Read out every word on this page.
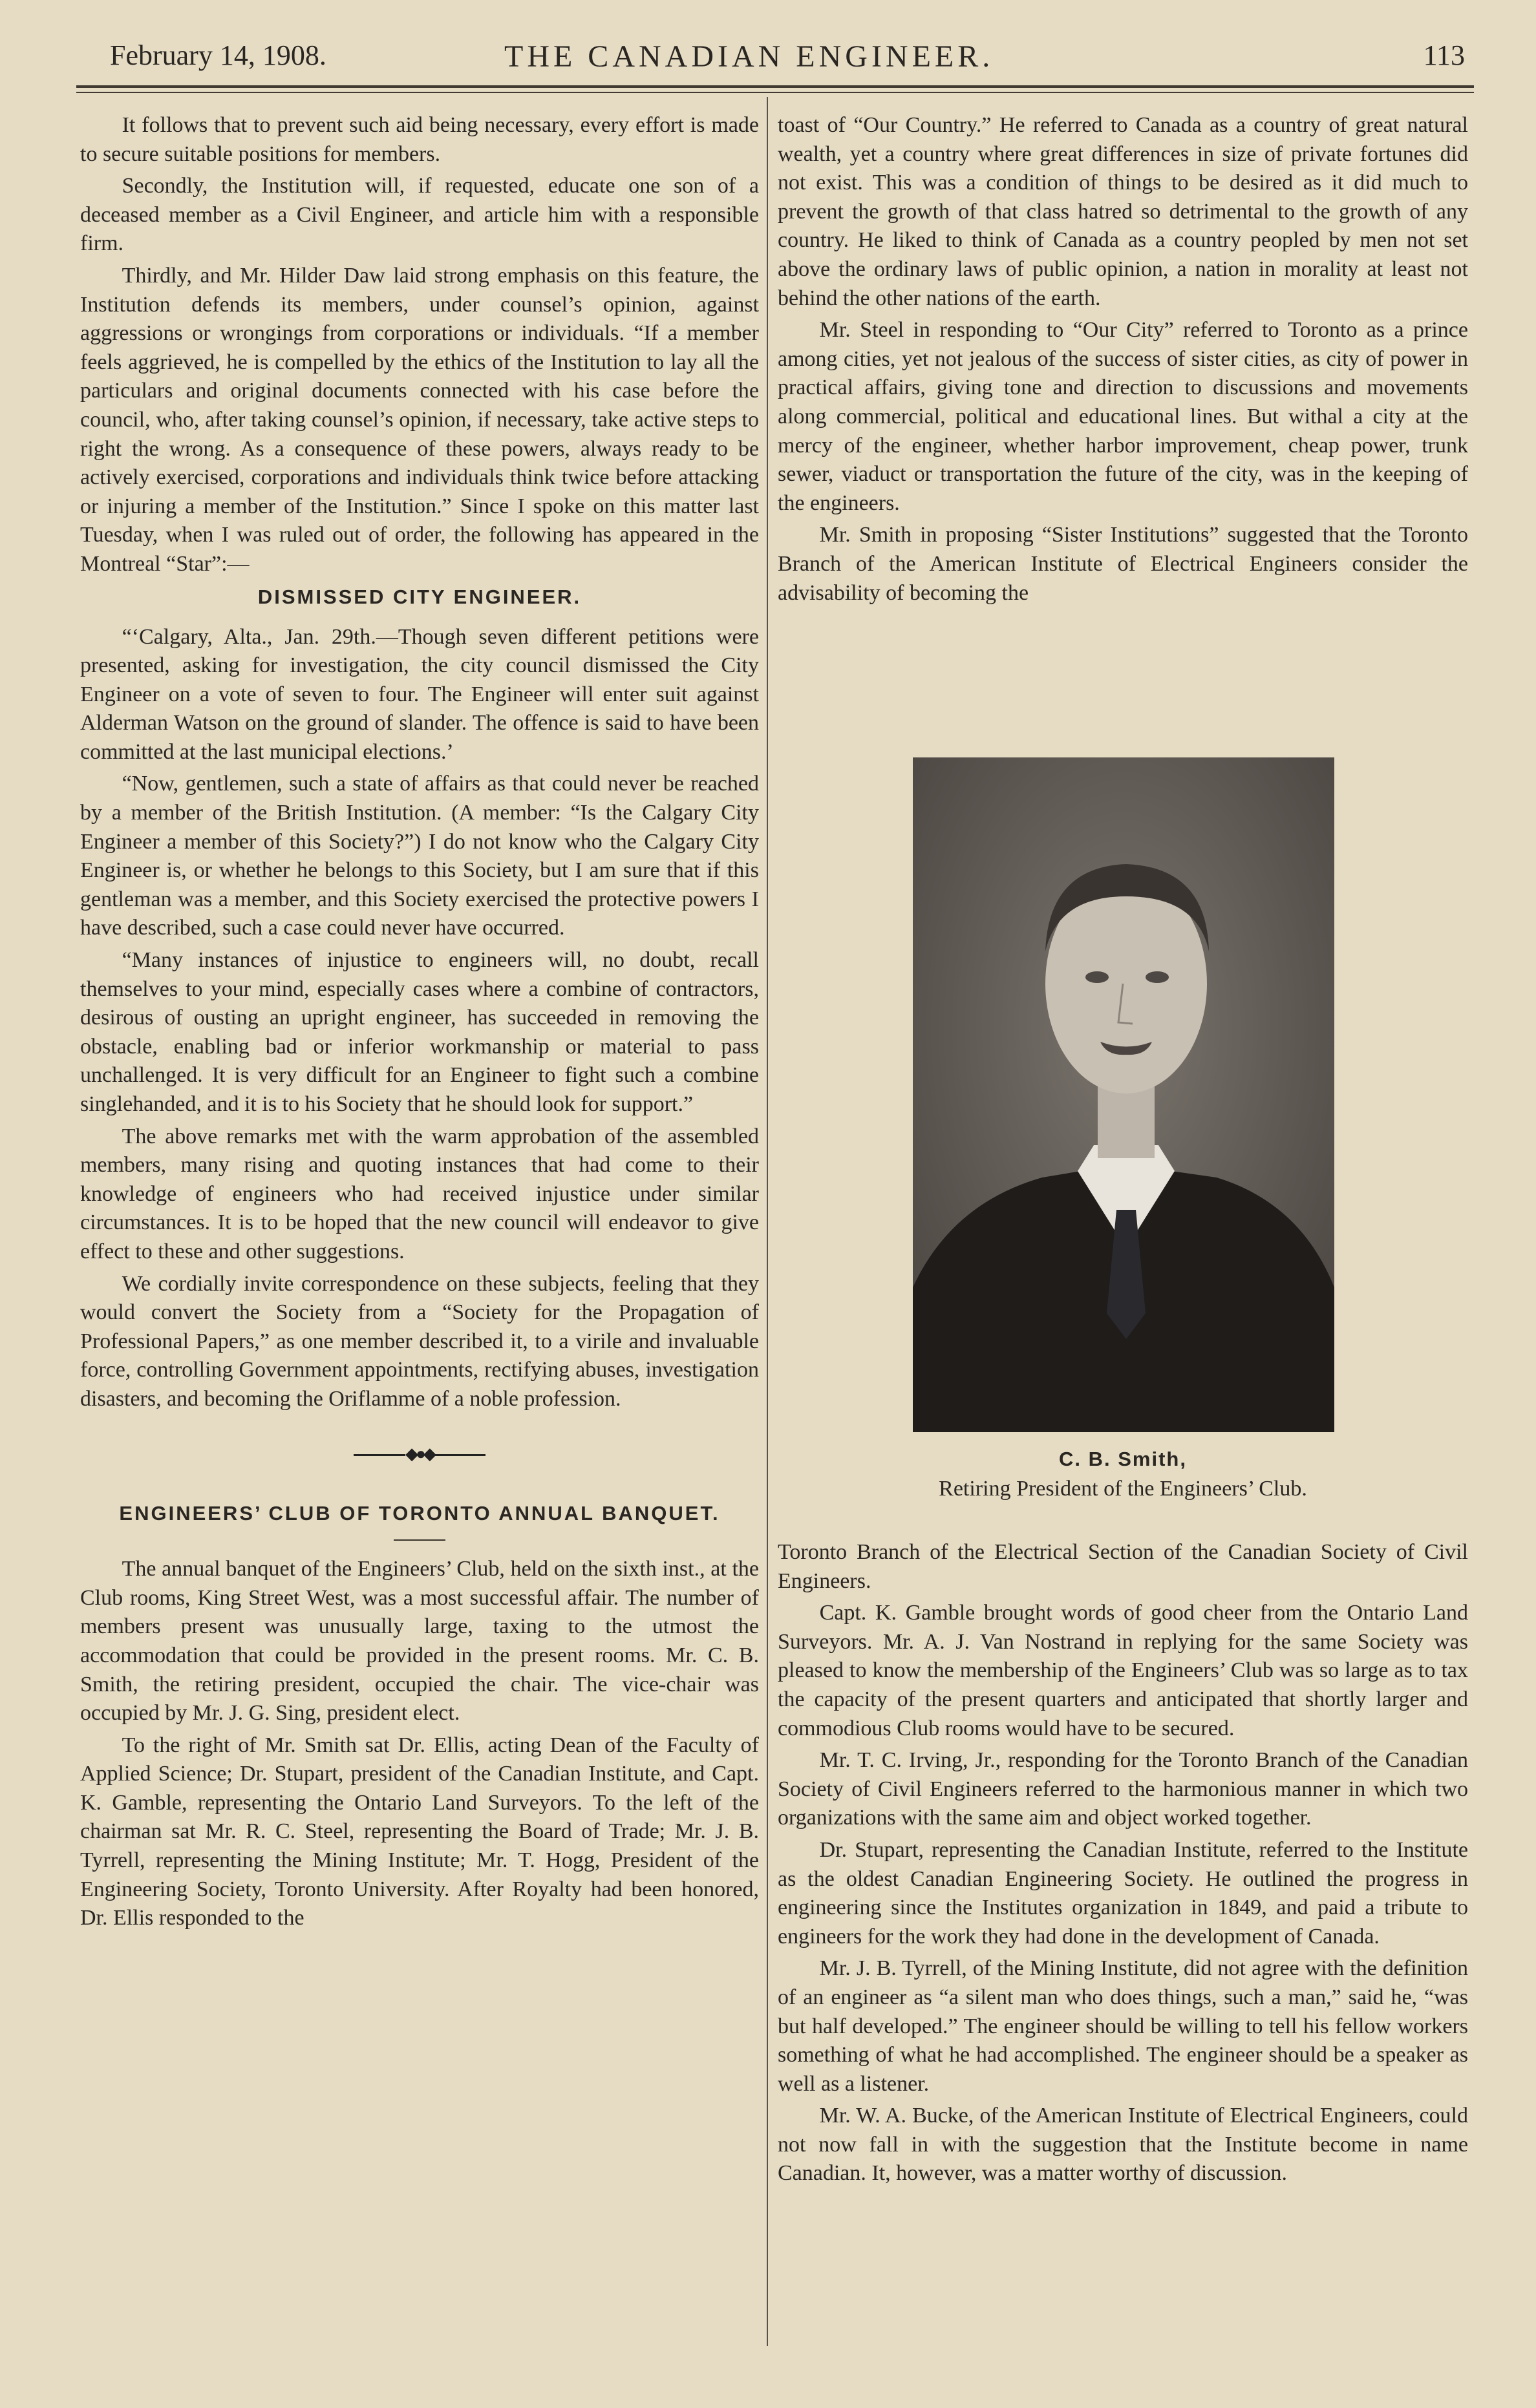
February 14, 1908.	THE CANADIAN ENGINEER.	113

It follows that to prevent such aid being necessary, every effort is made to secure suitable positions for members.

Secondly, the Institution will, if requested, educate one son of a deceased member as a Civil Engineer, and article him with a responsible firm.

Thirdly, and Mr. Hilder Daw laid strong emphasis on this feature, the Institution defends its members, under counsel’s opinion, against aggressions or wrongings from corporations or individuals. “If a member feels aggrieved, he is compelled by the ethics of the Institution to lay all the particulars and original documents connected with his case before the council, who, after taking counsel’s opinion, if necessary, take active steps to right the wrong. As a consequence of these powers, always ready to be actively exercised, corporations and individuals think twice before attacking or injuring a member of the Institution.” Since I spoke on this matter last Tuesday, when I was ruled out of order, the following has appeared in the Montreal “Star”:—

DISMISSED CITY ENGINEER.

“‘Calgary, Alta., Jan. 29th.—Though seven different petitions were presented, asking for investigation, the city council dismissed the City Engineer on a vote of seven to four. The Engineer will enter suit against Alderman Watson on the ground of slander. The offence is said to have been committed at the last municipal elections.’

“Now, gentlemen, such a state of affairs as that could never be reached by a member of the British Institution. (A member: “Is the Calgary City Engineer a member of this Society?”) I do not know who the Calgary City Engineer is, or whether he belongs to this Society, but I am sure that if this gentleman was a member, and this Society exercised the protective powers I have described, such a case could never have occurred.

“Many instances of injustice to engineers will, no doubt, recall themselves to your mind, especially cases where a combine of contractors, desirous of ousting an upright engineer, has succeeded in removing the obstacle, enabling bad or inferior workmanship or material to pass unchallenged. It is very difficult for an Engineer to fight such a combine singlehanded, and it is to his Society that he should look for support.”

The above remarks met with the warm approbation of the assembled members, many rising and quoting instances that had come to their knowledge of engineers who had received injustice under similar circumstances. It is to be hoped that the new council will endeavor to give effect to these and other suggestions.

We cordially invite correspondence on these subjects, feeling that they would convert the Society from a “Society for the Propagation of Professional Papers,” as one member described it, to a virile and invaluable force, controlling Government appointments, rectifying abuses, investigation disasters, and becoming the Oriflamme of a noble profession.

◆●◆
ENGINEERS’ CLUB OF TORONTO ANNUAL BANQUET.

The annual banquet of the Engineers’ Club, held on the sixth inst., at the Club rooms, King Street West, was a most successful affair. The number of members present was unusually large, taxing to the utmost the accommodation that could be provided in the present rooms. Mr. C. B. Smith, the retiring president, occupied the chair. The vice-chair was occupied by Mr. J. G. Sing, president elect.

To the right of Mr. Smith sat Dr. Ellis, acting Dean of the Faculty of Applied Science; Dr. Stupart, president of the Canadian Institute, and Capt. K. Gamble, representing the Ontario Land Surveyors. To the left of the chairman sat Mr. R. C. Steel, representing the Board of Trade; Mr. J. B. Tyrrell, representing the Mining Institute; Mr. T. Hogg, President of the Engineering Society, Toronto University. After Royalty had been honored, Dr. Ellis responded to the

toast of “Our Country.” He referred to Canada as a country of great natural wealth, yet a country where great differences in size of private fortunes did not exist. This was a condition of things to be desired as it did much to prevent the growth of that class hatred so detrimental to the growth of any country. He liked to think of Canada as a country peopled by men not set above the ordinary laws of public opinion, a nation in morality at least not behind the other nations of the earth.

Mr. Steel in responding to “Our City” referred to Toronto as a prince among cities, yet not jealous of the success of sister cities, as city of power in practical affairs, giving tone and direction to discussions and movements along commercial, political and educational lines. But withal a city at the mercy of the engineer, whether harbor improvement, cheap power, trunk sewer, viaduct or transportation the future of the city, was in the keeping of the engineers.

Mr. Smith in proposing “Sister Institutions” suggested that the Toronto Branch of the American Institute of Electrical Engineers consider the advisability of becoming the

C. B. Smith,
Retiring President of the Engineers’ Club.

Toronto Branch of the Electrical Section of the Canadian Society of Civil Engineers.

Capt. K. Gamble brought words of good cheer from the Ontario Land Surveyors. Mr. A. J. Van Nostrand in replying for the same Society was pleased to know the membership of the Engineers’ Club was so large as to tax the capacity of the present quarters and anticipated that shortly larger and commodious Club rooms would have to be secured.

Mr. T. C. Irving, Jr., responding for the Toronto Branch of the Canadian Society of Civil Engineers referred to the harmonious manner in which two organizations with the same aim and object worked together.

Dr. Stupart, representing the Canadian Institute, referred to the Institute as the oldest Canadian Engineering Society. He outlined the progress in engineering since the Institutes organization in 1849, and paid a tribute to engineers for the work they had done in the development of Canada.

Mr. J. B. Tyrrell, of the Mining Institute, did not agree with the definition of an engineer as “a silent man who does things, such a man,” said he, “was but half developed.” The engineer should be willing to tell his fellow workers something of what he had accomplished. The engineer should be a speaker as well as a listener.

Mr. W. A. Bucke, of the American Institute of Electrical Engineers, could not now fall in with the suggestion that the Institute become in name Canadian. It, however, was a matter worthy of discussion.
